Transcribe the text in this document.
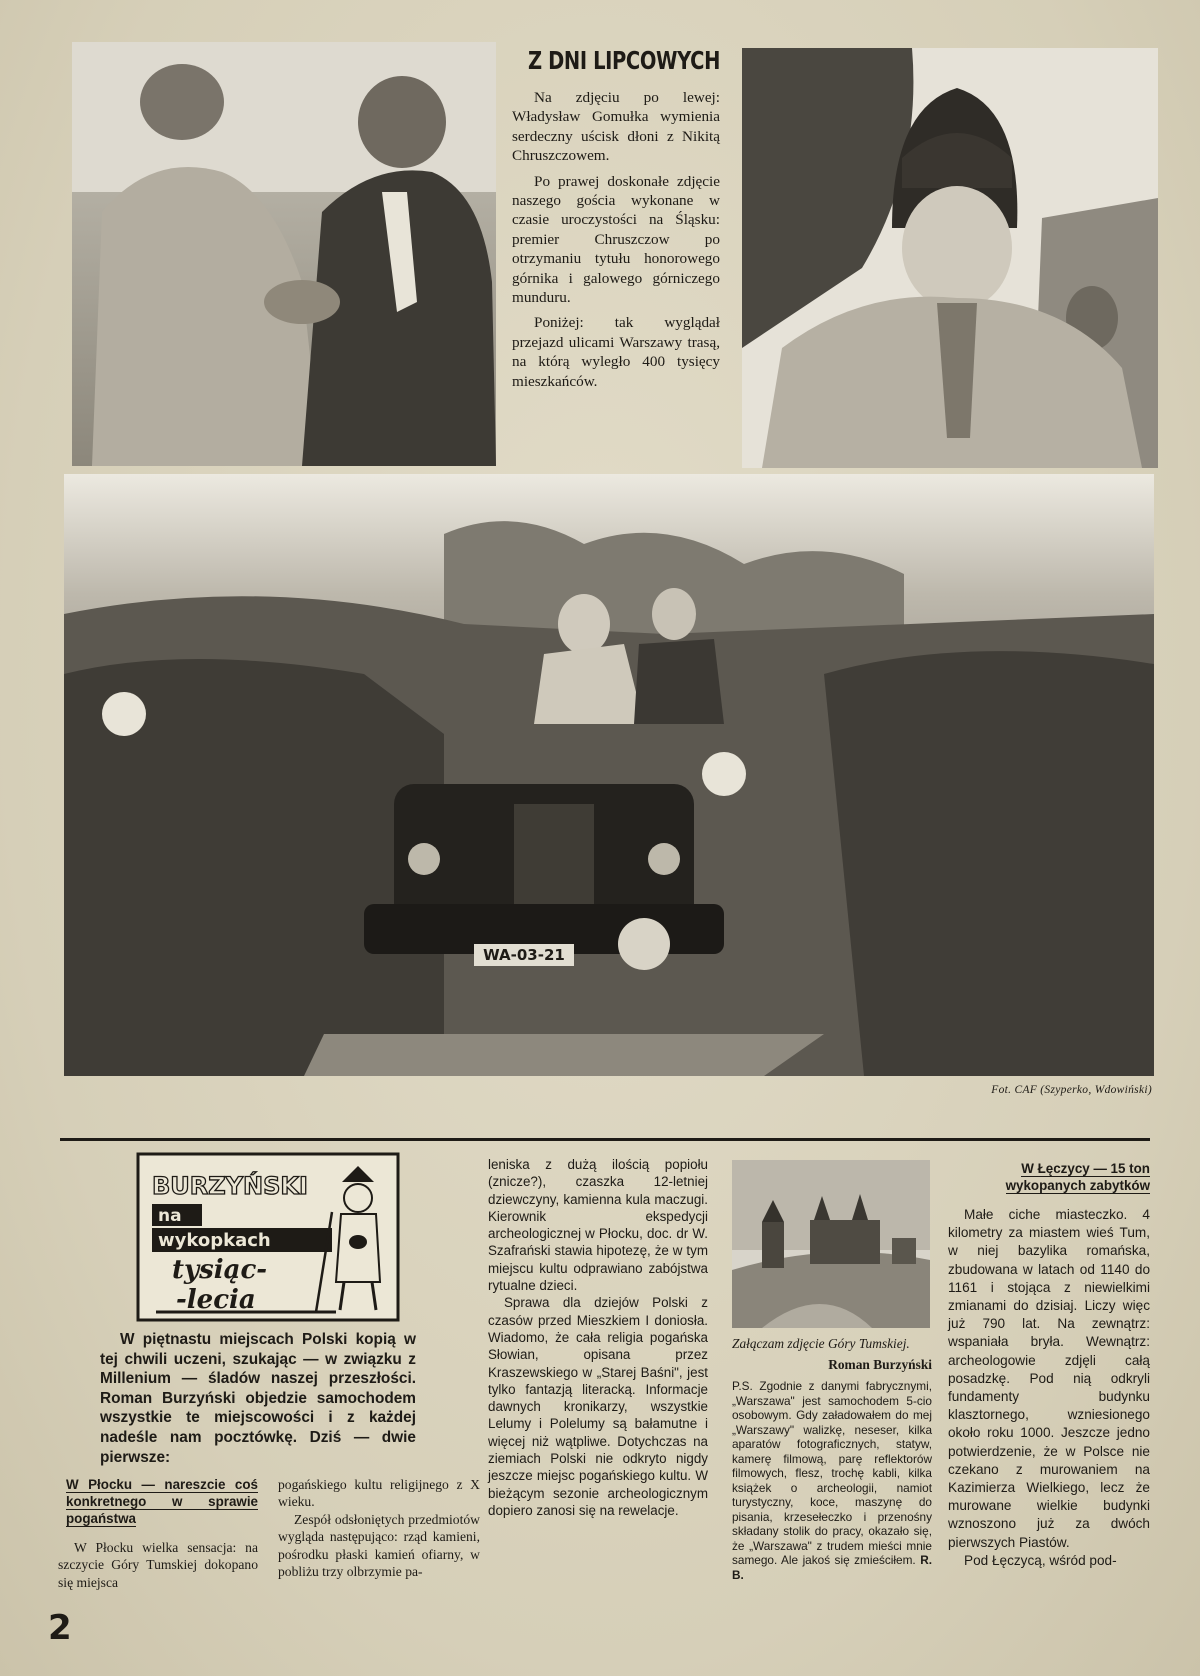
Z DNI LIPCOWYCH

Na zdjęciu po lewej: Władysław Gomułka wymienia serdeczny uścisk dłoni z Nikitą Chruszczowem.

Po prawej doskonałe zdjęcie naszego gościa wykonane w czasie uroczystości na Śląsku: premier Chruszczow po otrzymaniu tytułu honorowego górnika i galowego górniczego munduru.

Poniżej: tak wyglądał przejazd ulicami Warszawy trasą, na którą wyległo 400 tysięcy mieszkańców.

WA-03-21
Fot. CAF (Szyperko, Wdowiński)
BURZYŃSKI
na
wykopkach
tysiąc-
-lecia
W piętnastu miejscach Polski kopią w tej chwili uczeni, szukając — w związku z Millenium — śladów naszej przeszłości. Roman Burzyński objedzie samochodem wszystkie te miejscowości i z każdej nadeśle nam pocztówkę. Dziś — dwie pierwsze:
W Płocku — nareszcie coś konkretnego w sprawie pogaństwa

W Płocku wielka sensacja: na szczycie Góry Tumskiej dokopano się miejsca

pogańskiego kultu religijnego z X wieku.

Zespół odsłoniętych przedmiotów wygląda następująco: rząd kamieni, pośrodku płaski kamień ofiarny, w pobliżu trzy olbrzymie pa-

leniska z dużą ilością popiołu (znicze?), czaszka 12-letniej dziewczyny, kamienna kula maczugi. Kierownik ekspedycji archeologicznej w Płocku, doc. dr W. Szafrański stawia hipotezę, że w tym miejscu kultu odprawiano zabójstwa rytualne dzieci.

Sprawa dla dziejów Polski z czasów przed Mieszkiem I doniosła. Wiadomo, że cała religia pogańska Słowian, opisana przez Kraszewskiego w „Starej Baśni", jest tylko fantazją literacką. Informacje dawnych kronikarzy, wszystkie Lelumy i Polelumy są bałamutne i więcej niż wątpliwe. Dotychczas na ziemiach Polski nie odkryto nigdy jeszcze miejsc pogańskiego kultu. W bieżącym sezonie archeologicznym dopiero zanosi się na rewelacje.

Załączam zdjęcie Góry Tumskiej.
Roman Burzyński
P.S. Zgodnie z danymi fabrycznymi, „Warszawa" jest samochodem 5-cio osobowym. Gdy załadowałem do mej „Warszawy" walizkę, neseser, kilka aparatów fotograficznych, statyw, kamerę filmową, parę reflektorów filmowych, flesz, trochę kabli, kilka książek o archeologii, namiot turystyczny, koce, maszynę do pisania, krzesełeczko i przenośny składany stolik do pracy, okazało się, że „Warszawa" z trudem mieści mnie samego. Ale jakoś się zmieściłem. R. B.
W Łęczycy — 15 ton wykopanych zabytków

Małe ciche miasteczko. 4 kilometry za miastem wieś Tum, w niej bazylika romańska, zbudowana w latach od 1140 do 1161 i stojąca z niewielkimi zmianami do dzisiaj. Liczy więc już 790 lat. Na zewnątrz: wspaniała bryła. Wewnątrz: archeologowie zdjęli całą posadzkę. Pod nią odkryli fundamenty budynku klasztornego, wzniesionego około roku 1000. Jeszcze jedno potwierdzenie, że w Polsce nie czekano z murowaniem na Kazimierza Wielkiego, lecz że murowane wielkie budynki wznoszono już za dwóch pierwszych Piastów.

Pod Łęczycą, wśród pod-

2
